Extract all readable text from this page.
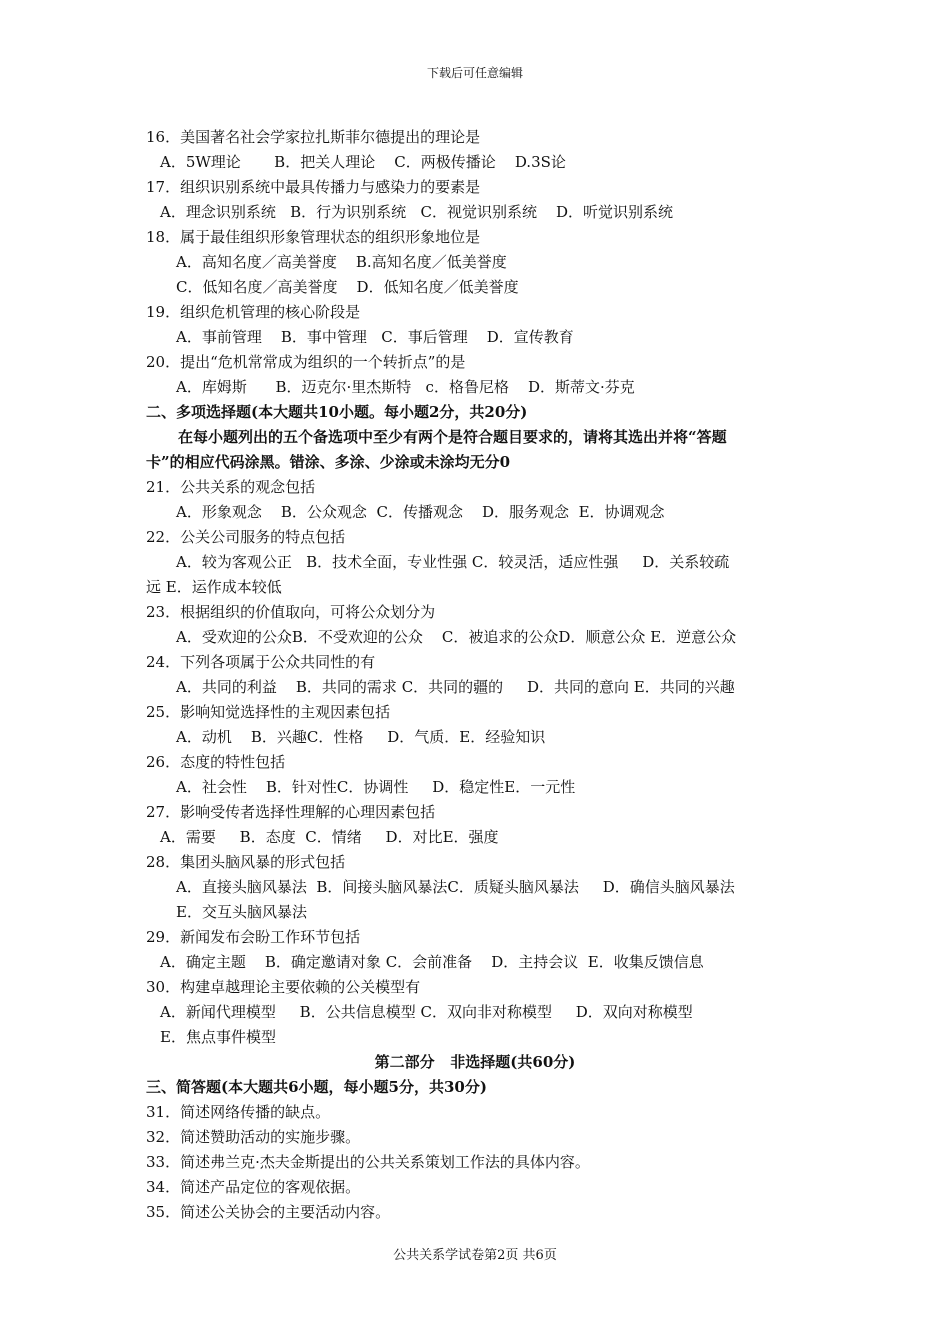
下载后可任意编辑
16．美国著名社会学家拉扎斯菲尔德提出的理论是
A．5W理论       B．把关人理论    C．两极传播论    D.3S论
17．组织识别系统中最具传播力与感染力的要素是
A．理念识别系统   B．行为识别系统   C．视觉识别系统    D．听觉识别系统
18．属于最佳组织形象管理状态的组织形象地位是
A．高知名度／高美誉度    B.高知名度／低美誉度
C．低知名度／高美誉度    D．低知名度／低美誉度
19．组织危机管理的核心阶段是
A．事前管理    B．事中管理   C．事后管理    D．宣传教育
20．提出“危机常常成为组织的一个转折点”的是
A．库姆斯      B．迈克尔·里杰斯特   c．格鲁尼格    D．斯蒂文·芬克
二、多项选择题(本大题共10小题。每小题2分，共20分)
在每小题列出的五个备选项中至少有两个是符合题目要求的，请将其选出并将“答题
卡”的相应代码涂黑。错涂、多涂、少涂或未涂均无分0
21．公共关系的观念包括
A．形象观念    B．公众观念  C．传播观念    D．服务观念  E．协调观念
22．公关公司服务的特点包括
A．较为客观公正   B．技术全面，专业性强 C．较灵活，适应性强     D．关系较疏
远 E．运作成本较低
23．根据组织的价值取向，可将公众划分为
A．受欢迎的公众B．不受欢迎的公众    C．被追求的公众D．顺意公众 E．逆意公众
24．下列各项属于公众共同性的有
A．共同的利益    B．共同的需求 C．共同的疆的     D．共同的意向 E．共同的兴趣
25．影响知觉选择性的主观因素包括
A．动机    B．兴趣C．性格     D．气质．E．经验知识
26．态度的特性包括
A．社会性    B．针对性C．协调性     D．稳定性E．一元性
27．影响受传者选择性理解的心理因素包括
A．需要     B．态度  C．情绪     D．对比E．强度
28．集团头脑风暴的形式包括
A．直接头脑风暴法  B．间接头脑风暴法C．质疑头脑风暴法     D．确信头脑风暴法
E．交互头脑风暴法
29．新闻发布会盼工作环节包括
A．确定主题    B．确定邀请对象 C．会前准备    D．主持会议  E．收集反馈信息
30．构建卓越理论主要依赖的公关模型有
A．新闻代理模型     B．公共信息模型 C．双向非对称模型     D．双向对称模型
E．焦点事件模型
第二部分   非选择题(共60分)
三、简答题(本大题共6小题，每小题5分，共30分)
31．简述网络传播的缺点。
32．简述赞助活动的实施步骤。
33．简述弗兰克·杰夫金斯提出的公共关系策划工作法的具体内容。
34．简述产品定位的客观依据。
35．简述公关协会的主要活动内容。
公共关系学试卷第2页 共6页
